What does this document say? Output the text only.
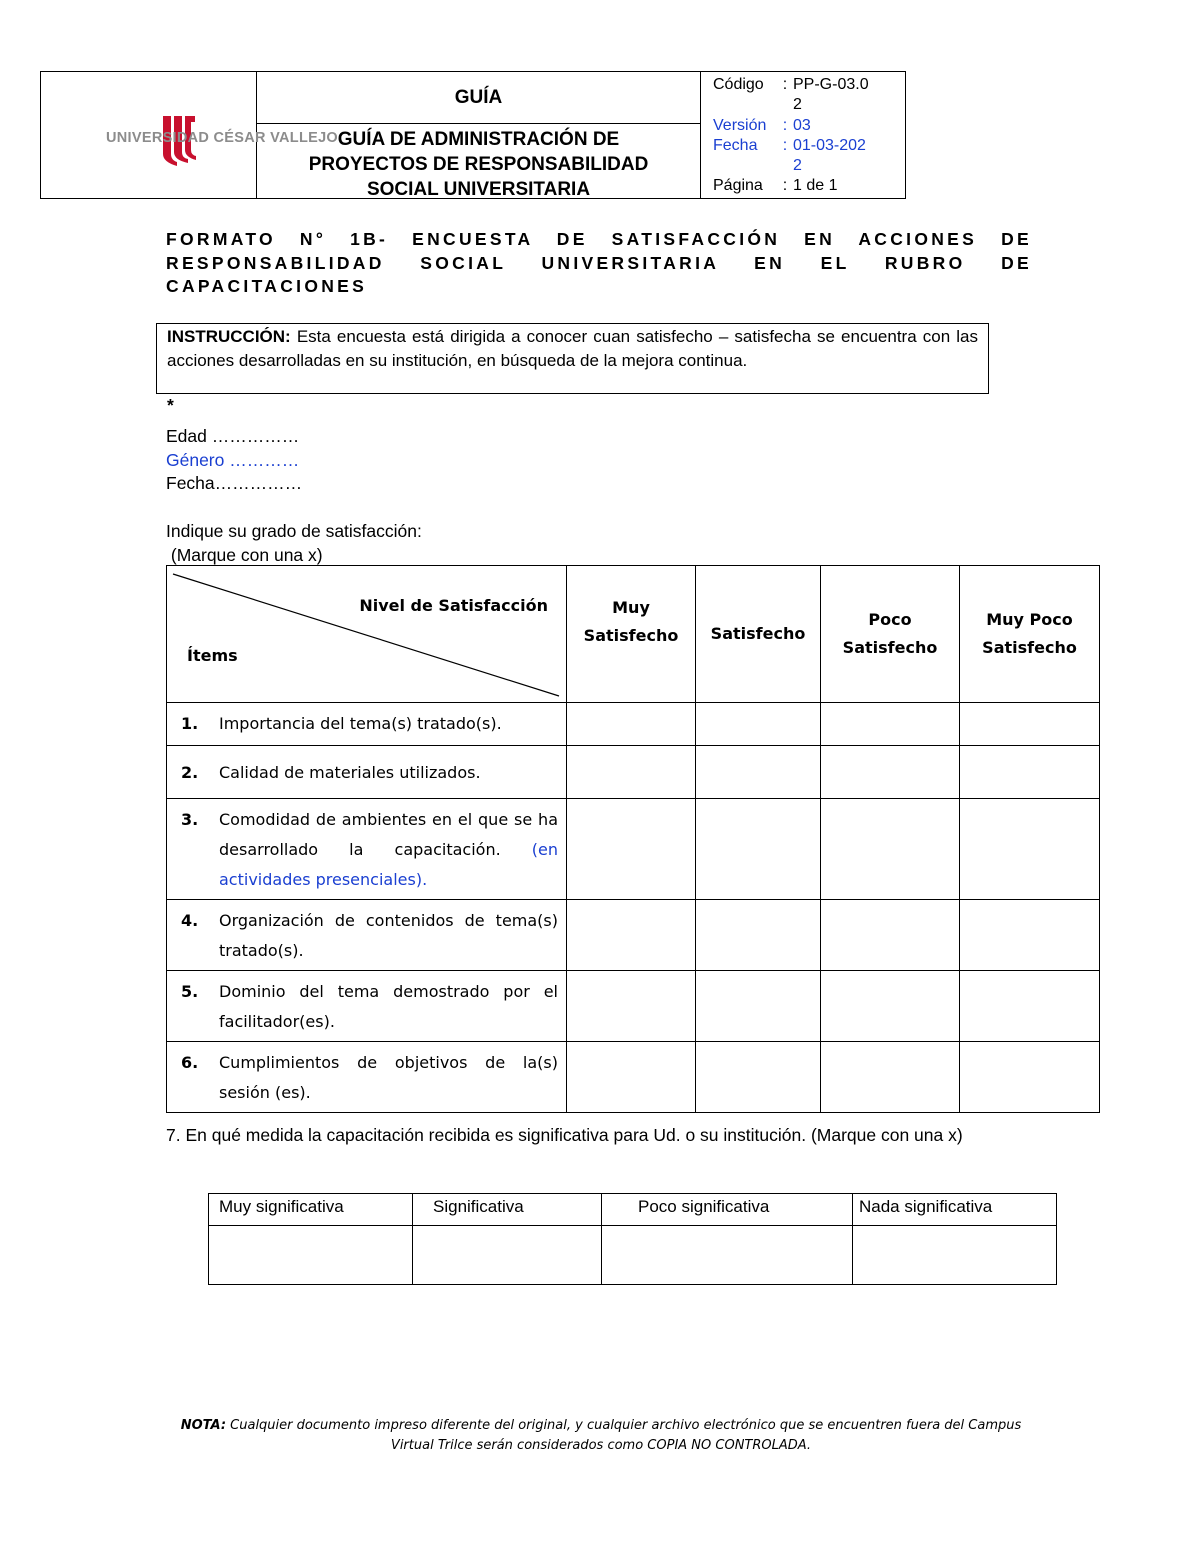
GUÍA
GUÍA DE ADMINISTRACIÓN DE
PROYECTOS DE RESPONSABILIDAD
SOCIAL UNIVERSITARIA
Código	: PP-G-03.02
Versión	: 03
Fecha	: 01-03-2022
Página	: 1 de 1
UNIVERSIDAD CÉSAR VALLEJO
FORMATO N° 1B- ENCUESTA DE SATISFACCIÓN EN ACCIONES DE RESPONSABILIDAD SOCIAL UNIVERSITARIA EN EL RUBRO DE CAPACITACIONES
INSTRUCCIÓN: Esta encuesta está dirigida a conocer cuan satisfecho – satisfecha se encuentra con las acciones desarrolladas en su institución, en búsqueda de la mejora continua.
*
Edad ……………
Género …………
Fecha……………
Indique su grado de satisfacción:
(Marque con una x)
Nivel de Satisfacción
Ítems	Muy Satisfecho	Satisfecho	Poco Satisfecho	Muy Poco Satisfecho

1. Importancia del tema(s) tratado(s).				

2. Calidad de materiales utilizados.				

3. Comodidad de ambientes en el que se ha desarrollado la capacitación. (en actividades presenciales).				

4. Organización de contenidos de tema(s) tratado(s).				

5. Dominio del tema demostrado por el facilitador(es).				

6. Cumplimientos de objetivos de la(s) sesión (es).				

7. En qué medida la capacitación recibida es significativa para Ud. o su institución. (Marque con una x)
Muy significativa	Significativa	Poco significativa	Nada significativa

NOTA: Cualquier documento impreso diferente del original, y cualquier archivo electrónico que se encuentren fuera del Campus Virtual Trilce serán considerados como COPIA NO CONTROLADA.
